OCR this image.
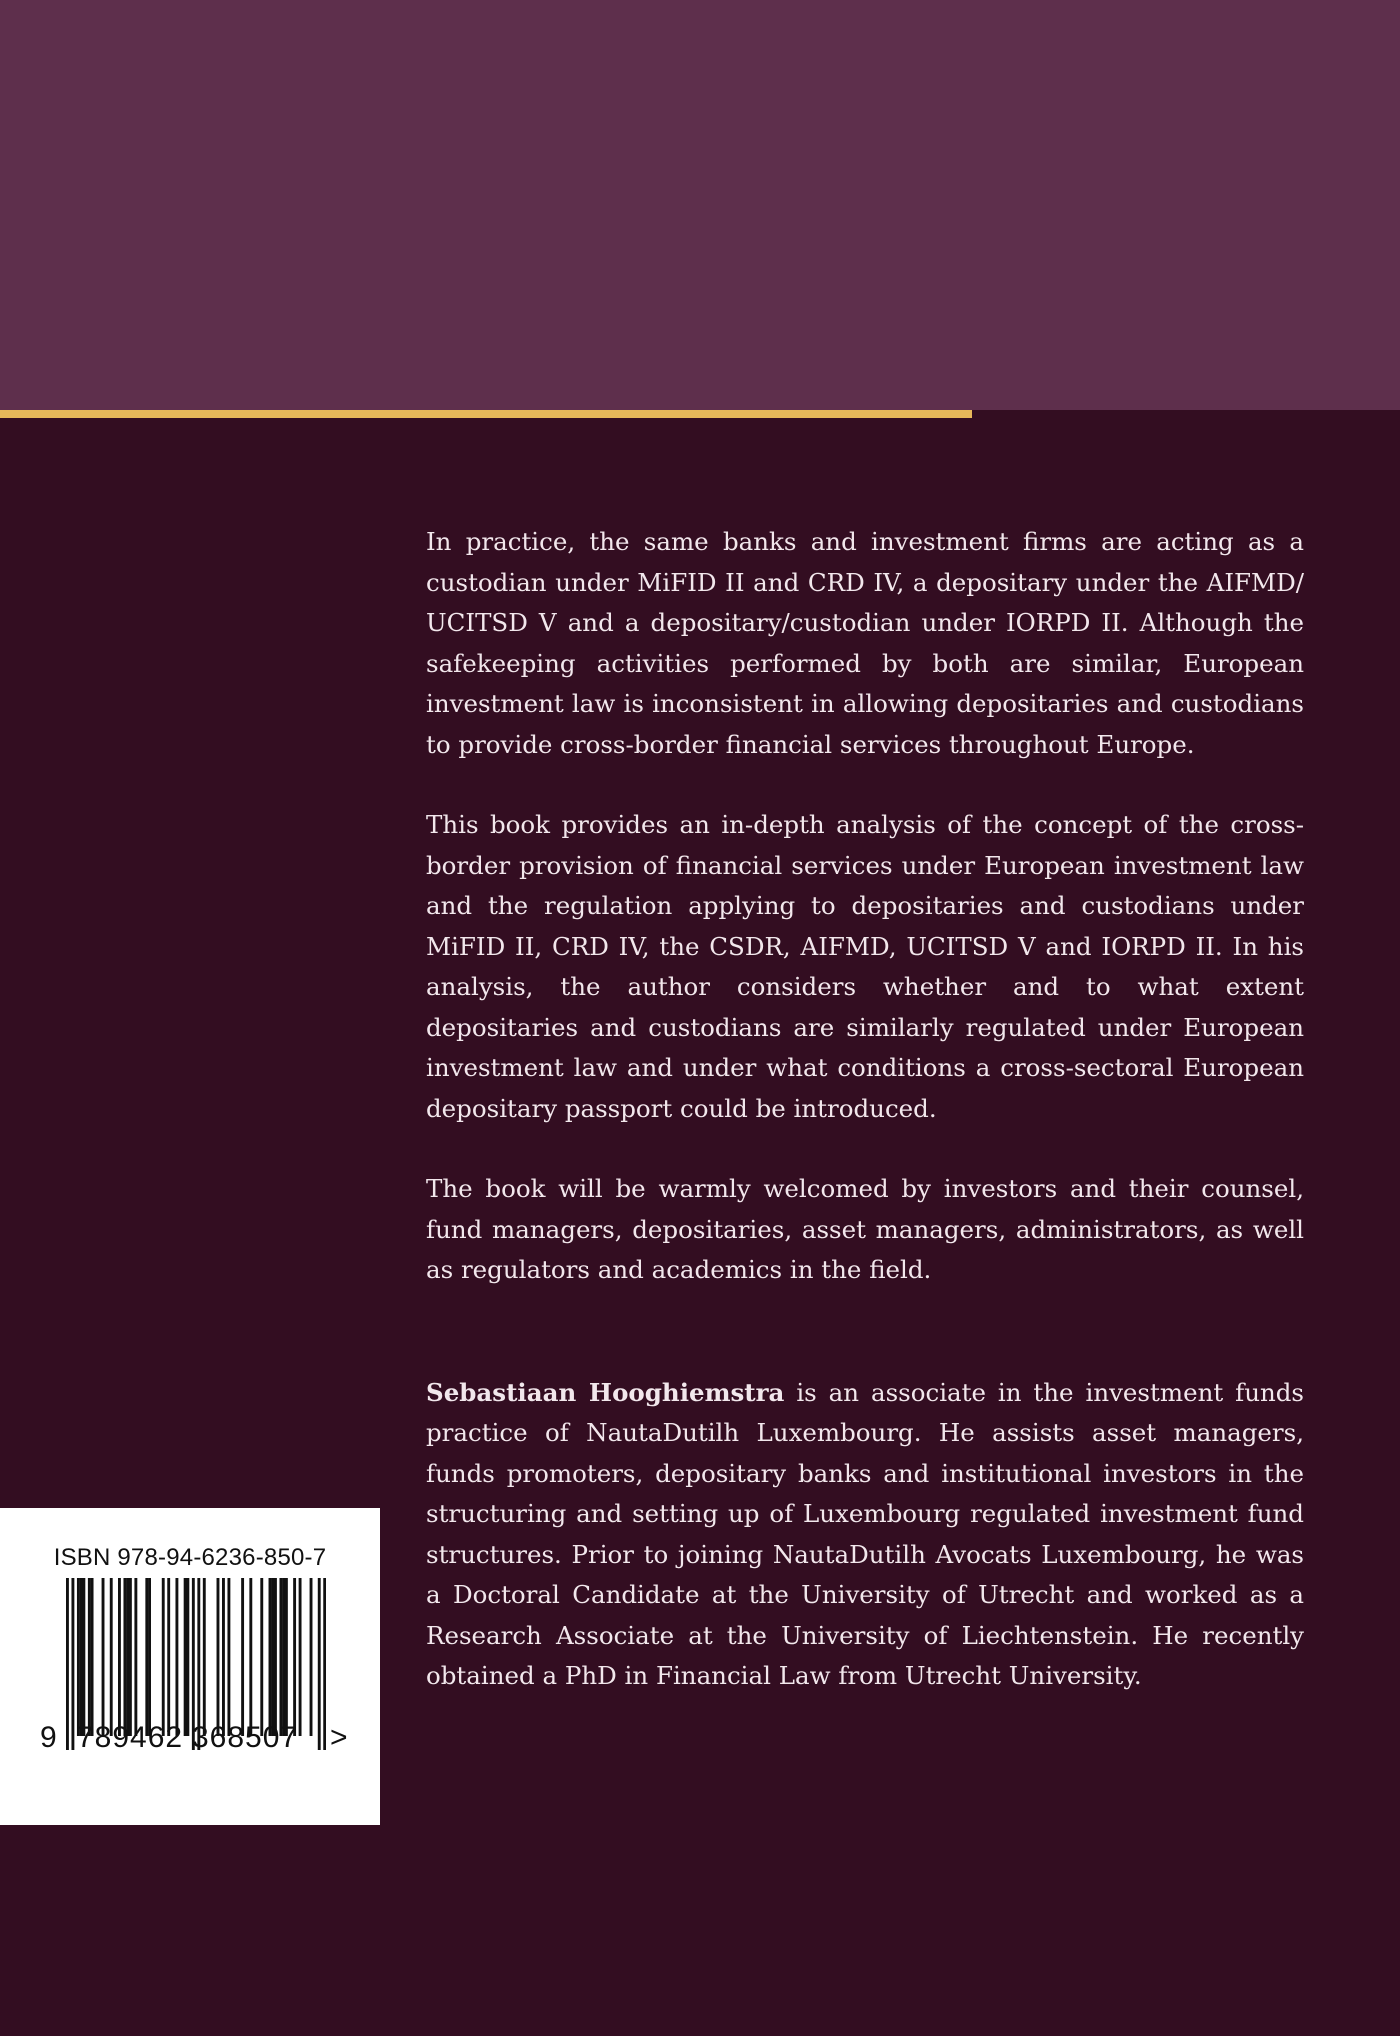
In practice, the same banks and investment firms are acting as a custodian under MiFID II and CRD IV, a depositary under the AIFMD/ UCITSD V and a depositary/custodian under IORPD II. Although the safekeeping activities performed by both are similar, European investment law is inconsistent in allowing depositaries and custodians to provide cross-border financial services throughout Europe.

This book provides an in-depth analysis of the concept of the cross-border provision of financial services under European investment law and the regulation applying to depositaries and custodians under MiFID II, CRD IV, the CSDR, AIFMD, UCITSD V and IORPD II. In his analysis, the author considers whether and to what extent depositaries and custodians are similarly regulated under European investment law and under what conditions a cross-sectoral European depositary passport could be introduced.

The book will be warmly welcomed by investors and their counsel, fund managers, depositaries, asset managers, administrators, as well as regulators and academics in the field.

Sebastiaan Hooghiemstra is an associate in the investment funds practice of NautaDutilh Luxembourg. He assists asset managers, funds promoters, depositary banks and institutional investors in the structuring and setting up of Luxembourg regulated investment fund structures. Prior to joining NautaDutilh Avocats Luxembourg, he was a Doctoral Candidate at the University of Utrecht and worked as a Research Associate at the University of Liechtenstein. He recently obtained a PhD in Financial Law from Utrecht University.

ISBN 978-94-6236-850-7
9 789462 368507 >
